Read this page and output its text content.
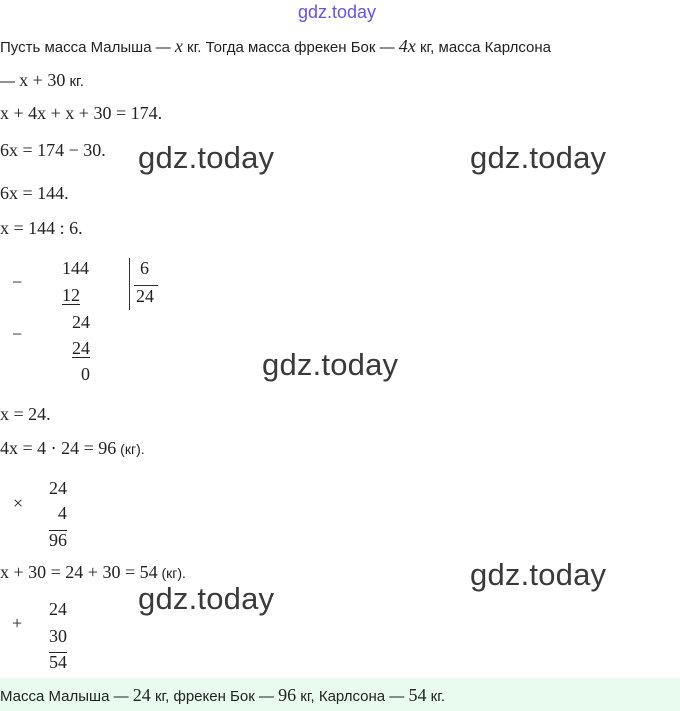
gdz.today
gdz.today	gdz.today
gdz.today
gdz.today
gdz.today
Пусть масса Малыша — x кг. Тогда масса фрекен Бок — 4x кг, масса Карлсона
— x + 30 кг.
x + 4x + x + 30 = 174.
6x = 174 − 30.
6x = 144.
x = 144 : 6.
−
144
12
6
24
−
24
24
0
x = 24.
4x = 4 · 24 = 96 (кг).
×
24
4
96
x + 30 = 24 + 30 = 54 (кг).
+
24
30
54
Масса Малыша — 24 кг, фрекен Бок — 96 кг, Карлсона — 54 кг.
